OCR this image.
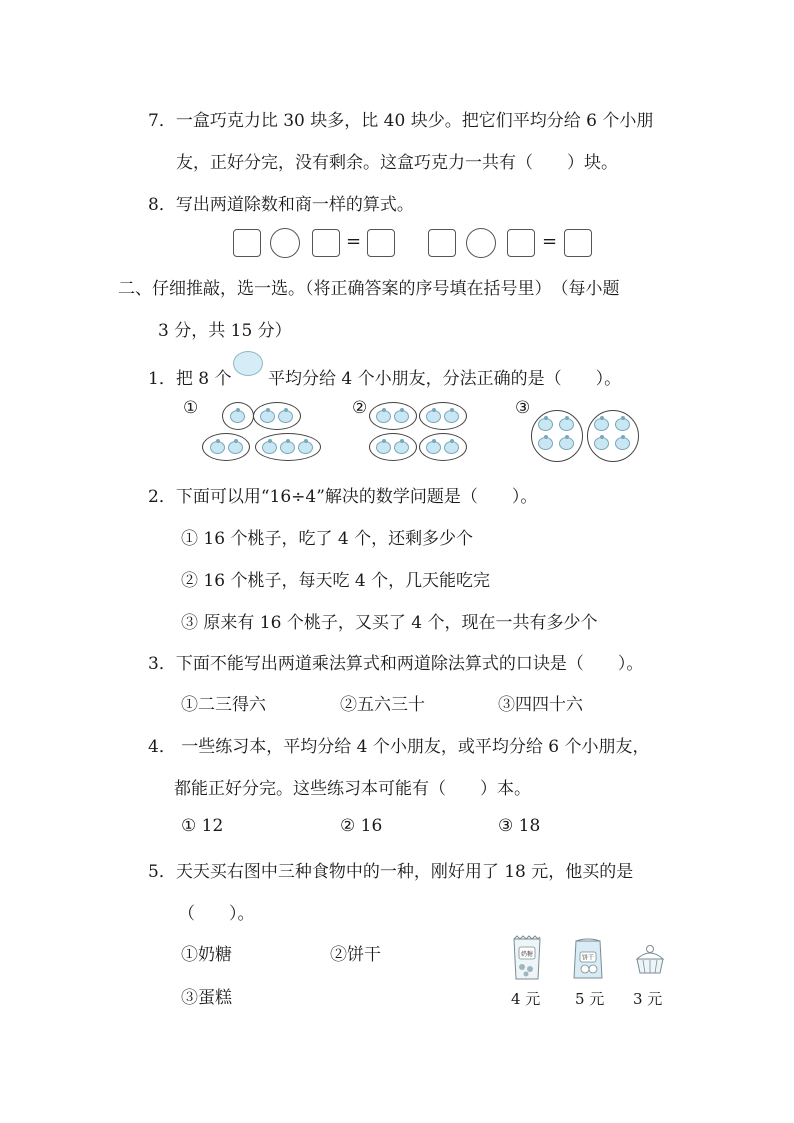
7．一盒巧克力比 30 块多，比 40 块少。把它们平均分给 6 个小朋
友，正好分完，没有剩余。这盒巧克力一共有（　　）块。
8．写出两道除数和商一样的算式。
=	=
二、仔细推敲，选一选。（将正确答案的序号填在括号里）　（每小题
3 分，共 15 分）
1．把 8 个 平均分给 4 个小朋友，分法正确的是（　　）。
①	②	③
2．下面可以用“16÷4”解决的数学问题是（　　）。
① 16 个桃子，吃了 4 个，还剩多少个
② 16 个桃子，每天吃 4 个，几天能吃完
③ 原来有 16 个桃子，又买了 4 个，现在一共有多少个
3．下面不能写出两道乘法算式和两道除法算式的口诀是（　　）。
①二三得六	②五六三十	③四四十六
4． 一些练习本，平均分给 4 个小朋友，或平均分给 6 个小朋友，
都能正好分完。这些练习本可能有（　　）本。
① 12	② 16	③ 18
5．天天买右图中三种食物中的一种，刚好用了 18 元，他买的是
（　　）。
①奶糖	②饼干
③蛋糕
奶糖	饼干
4 元 5 元 3 元
